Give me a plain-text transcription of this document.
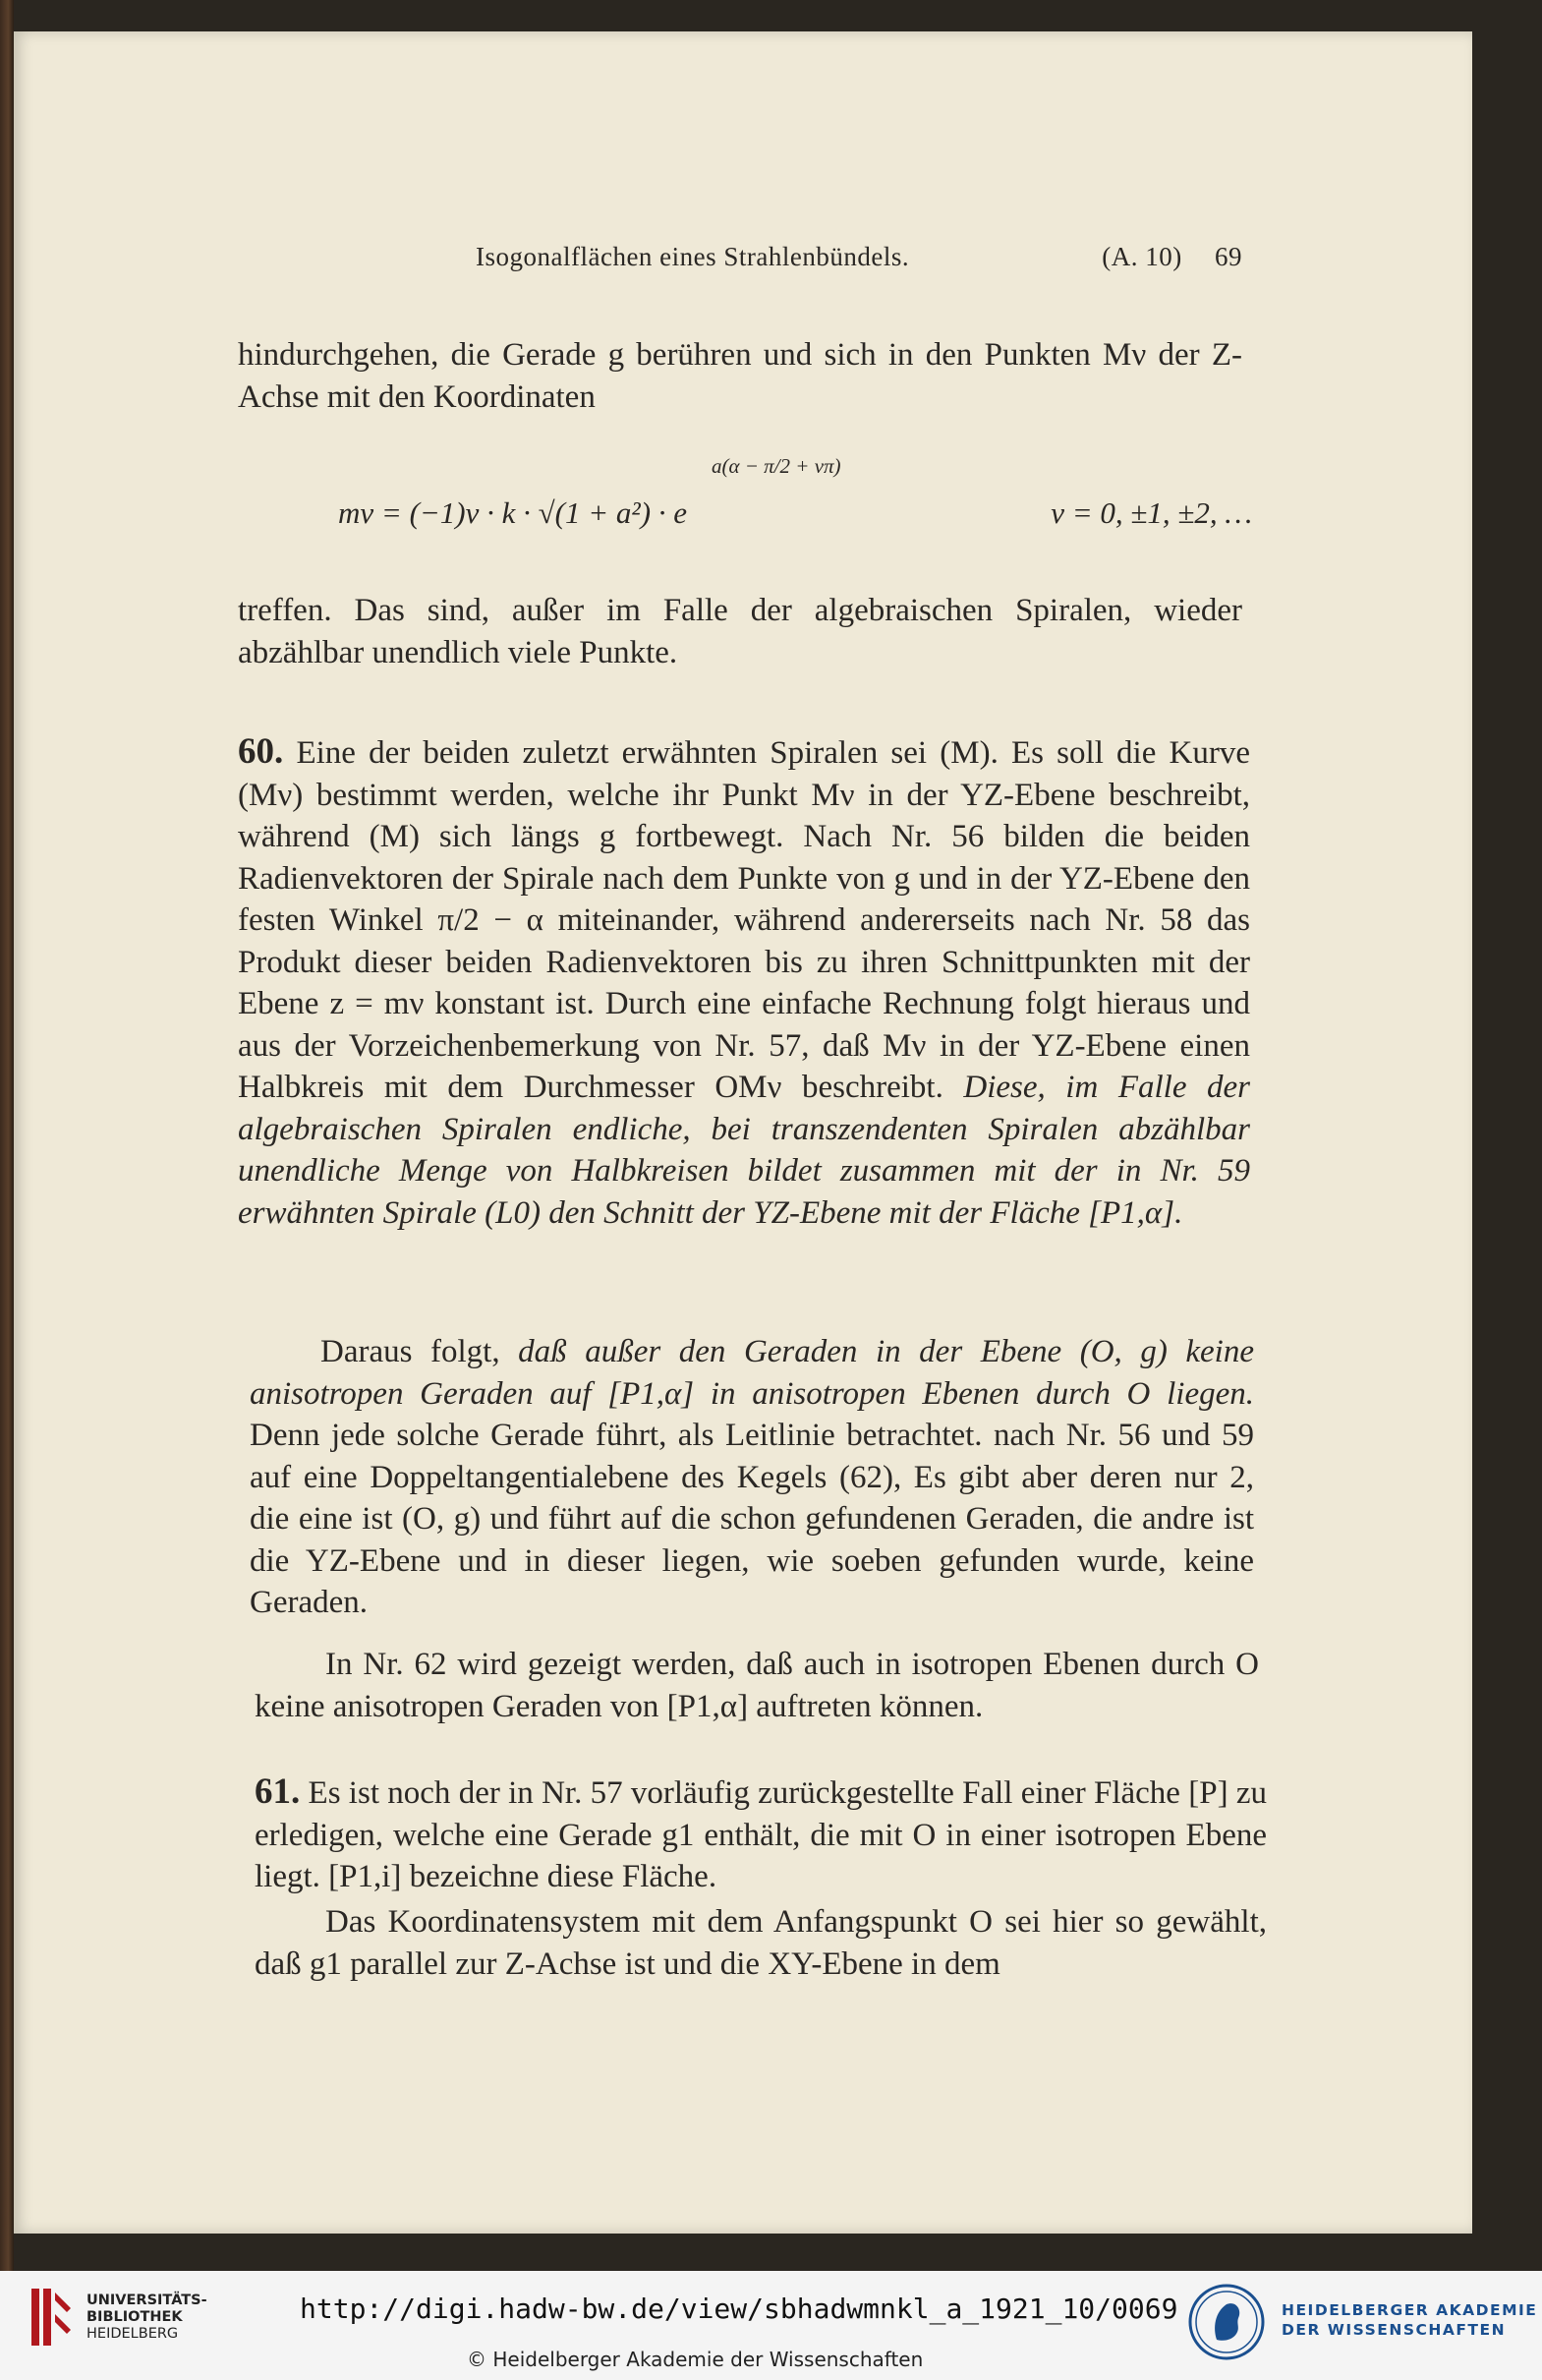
Isogonalflächen eines Strahlenbündels.	(A. 10) 69
hindurchgehen, die Gerade g berühren und sich in den Punkten Mν der Z-Achse mit den Koordinaten
mν = (−1)ν · k · √(1 + a²) · e
a(α − π/2 + νπ)
ν = 0, ±1, ±2, …
treffen. Das sind, außer im Falle der algebraischen Spiralen, wieder abzählbar unendlich viele Punkte.
60. Eine der beiden zuletzt erwähnten Spiralen sei (M). Es soll die Kurve (Mν) bestimmt werden, welche ihr Punkt Mν in der YZ-Ebene beschreibt, während (M) sich längs g fortbewegt. Nach Nr. 56 bilden die beiden Radienvektoren der Spirale nach dem Punkte von g und in der YZ-Ebene den festen Winkel π/2 − α miteinander, während andererseits nach Nr. 58 das Produkt dieser beiden Radienvektoren bis zu ihren Schnittpunkten mit der Ebene z = mν konstant ist. Durch eine einfache Rechnung folgt hieraus und aus der Vorzeichenbemerkung von Nr. 57, daß Mν in der YZ-Ebene einen Halbkreis mit dem Durchmesser OMν beschreibt. Diese, im Falle der algebraischen Spiralen endliche, bei transzendenten Spiralen abzählbar unendliche Menge von Halbkreisen bildet zusammen mit der in Nr. 59 erwähnten Spirale (L0) den Schnitt der YZ-Ebene mit der Fläche [P1,α].
Daraus folgt, daß außer den Geraden in der Ebene (O, g) keine anisotropen Geraden auf [P1,α] in anisotropen Ebenen durch O liegen. Denn jede solche Gerade führt, als Leitlinie betrachtet. nach Nr. 56 und 59 auf eine Doppeltangentialebene des Kegels (62), Es gibt aber deren nur 2, die eine ist (O, g) und führt auf die schon gefundenen Geraden, die andre ist die YZ-Ebene und in dieser liegen, wie soeben gefunden wurde, keine Geraden.
In Nr. 62 wird gezeigt werden, daß auch in isotropen Ebenen durch O keine anisotropen Geraden von [P1,α] auftreten können.
61. Es ist noch der in Nr. 57 vorläufig zurückgestellte Fall einer Fläche [P] zu erledigen, welche eine Gerade g1 enthält, die mit O in einer isotropen Ebene liegt. [P1,i] bezeichne diese Fläche.
Das Koordinatensystem mit dem Anfangspunkt O sei hier so gewählt, daß g1 parallel zur Z-Achse ist und die XY-Ebene in dem
UNIVERSITÄTS-
BIBLIOTHEK
HEIDELBERG
http://digi.hadw-bw.de/view/sbhadwmnkl_a_1921_10/0069
© Heidelberger Akademie der Wissenschaften
HEIDELBERGER AKADEMIE
DER WISSENSCHAFTEN
